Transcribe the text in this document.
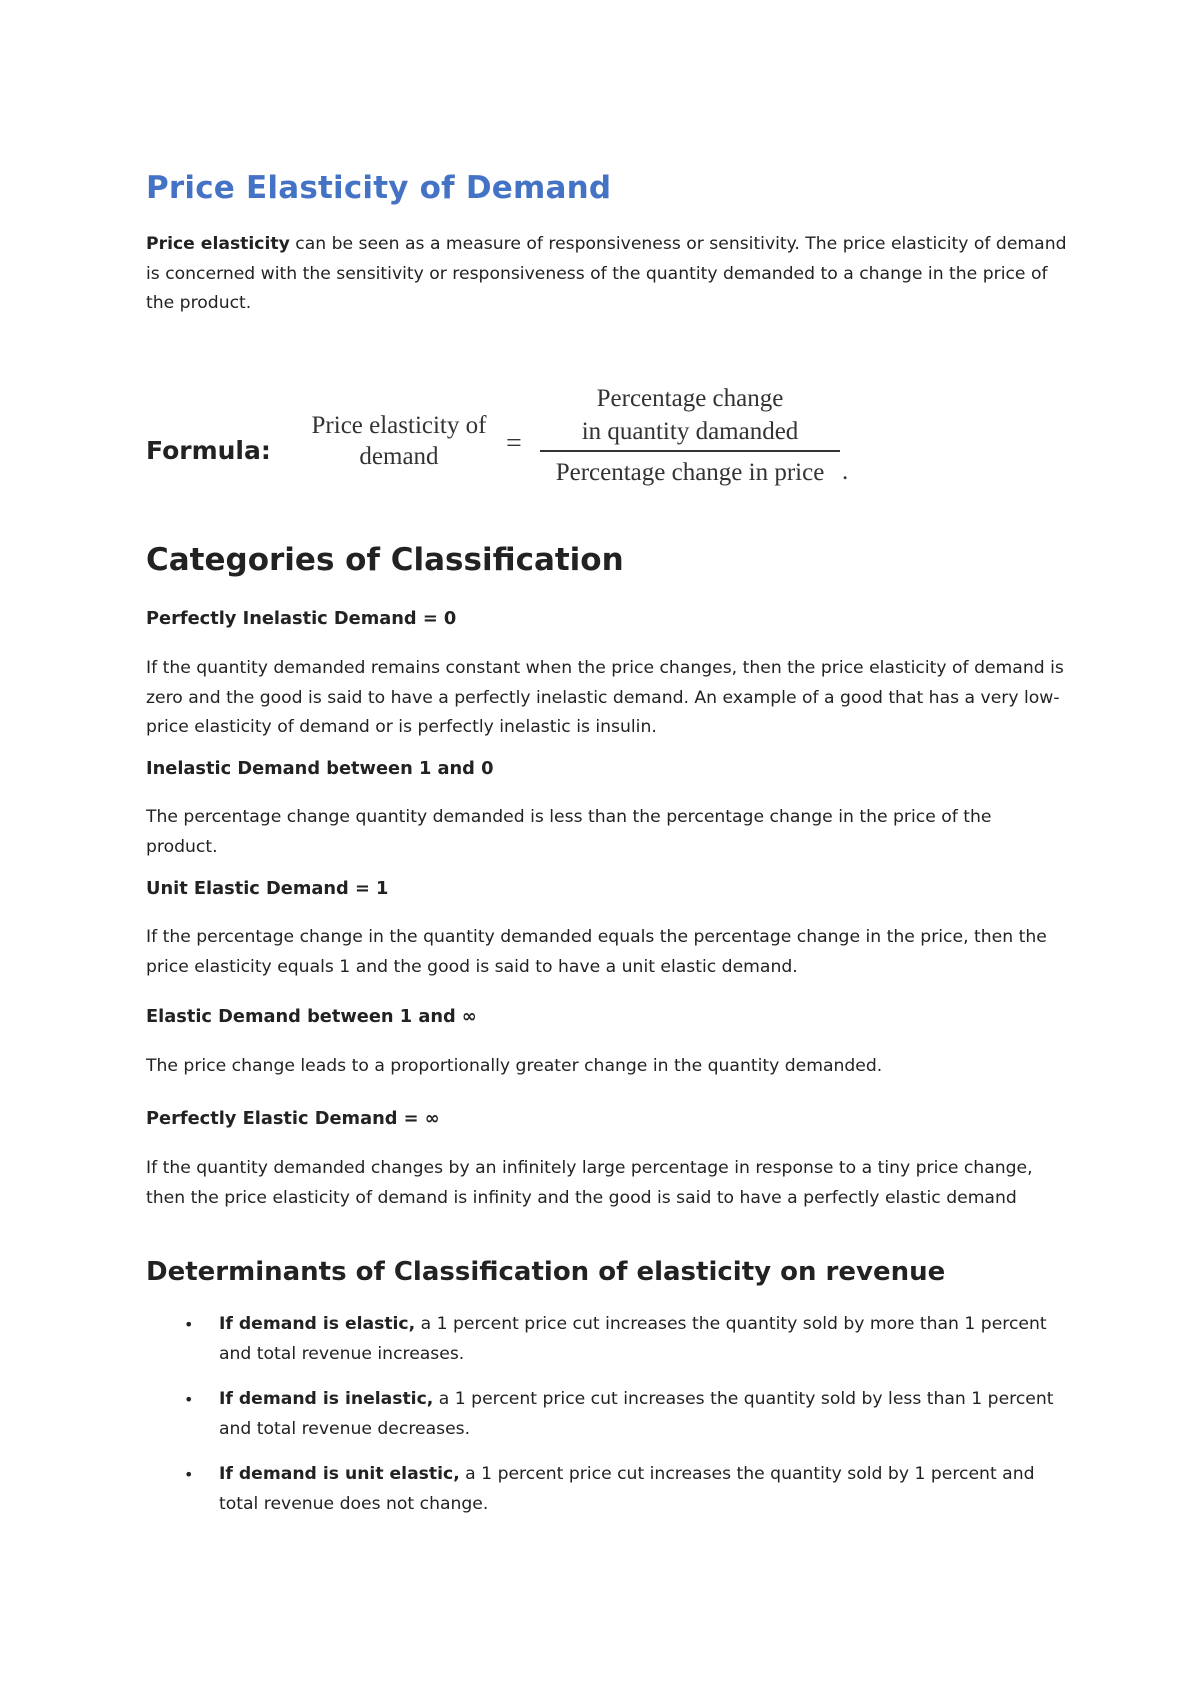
Price Elasticity of Demand

Price elasticity can be seen as a measure of responsiveness or sensitivity. The price elasticity of demand is concerned with the sensitivity or responsiveness of the quantity demanded to a change in the price of the product.

Formula:
Price elasticity of
demand	=
Percentage change
in quantity damanded
Percentage change in price .
Categories of Classification
Perfectly Inelastic Demand = 0

If the quantity demanded remains constant when the price changes, then the price elasticity of demand is zero and the good is said to have a perfectly inelastic demand. An example of a good that has a very low-price elasticity of demand or is perfectly inelastic is insulin.

Inelastic Demand between 1 and 0

The percentage change quantity demanded is less than the percentage change in the price of the product.

Unit Elastic Demand = 1

If the percentage change in the quantity demanded equals the percentage change in the price, then the price elasticity equals 1 and the good is said to have a unit elastic demand.

Elastic Demand between 1 and ∞

The price change leads to a proportionally greater change in the quantity demanded.

Perfectly Elastic Demand = ∞

If the quantity demanded changes by an infinitely large percentage in response to a tiny price change, then the price elasticity of demand is infinity and the good is said to have a perfectly elastic demand

Determinants of Classification of elasticity on revenue
• If demand is elastic, a 1 percent price cut increases the quantity sold by more than 1 percent and total revenue increases.
• If demand is inelastic, a 1 percent price cut increases the quantity sold by less than 1 percent and total revenue decreases.
• If demand is unit elastic, a 1 percent price cut increases the quantity sold by 1 percent and total revenue does not change.
